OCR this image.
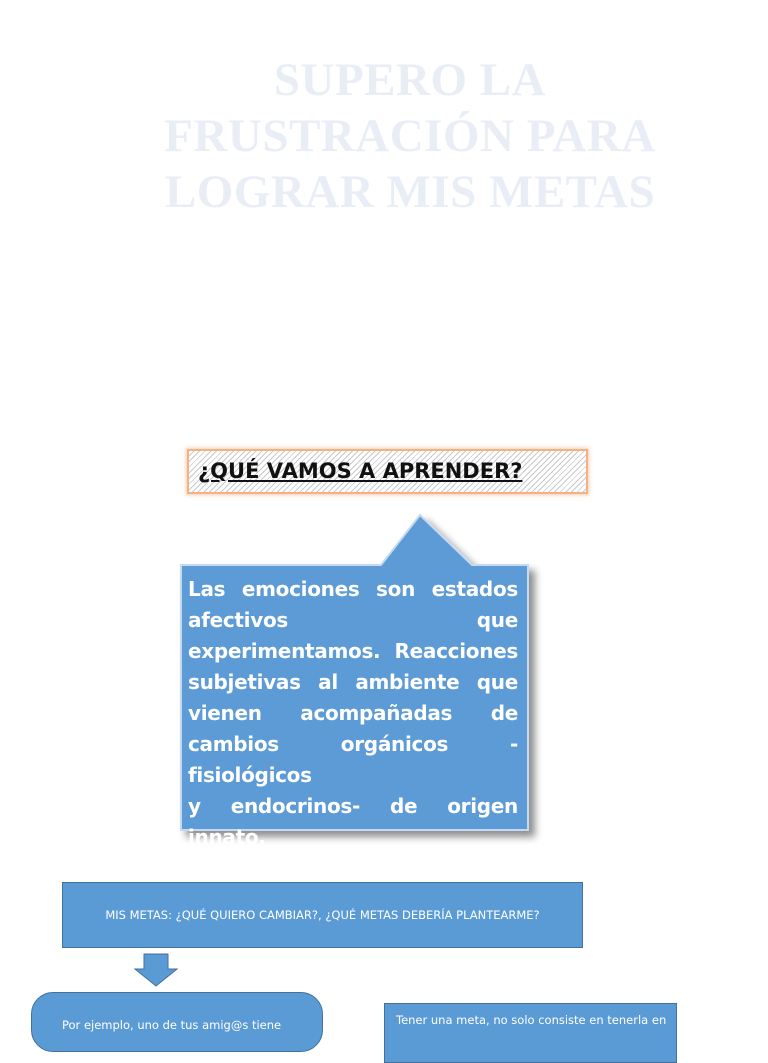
SUPERO LA
FRUSTRACIÓN PARA
LOGRAR MIS METAS
¿QUÉ VAMOS A APRENDER?
Las emociones son estados
afectivos que
experimentamos. Reacciones
subjetivas al ambiente que
vienen acompañadas de
cambios orgánicos -fisiológicos
y endocrinos- de origen
innato.
MIS METAS: ¿QUÉ QUIERO CAMBIAR?, ¿QUÉ METAS DEBERÍA PLANTEARME?
Por ejemplo, uno de tus amig@s tiene	Tener una meta, no solo consiste en tenerla en
